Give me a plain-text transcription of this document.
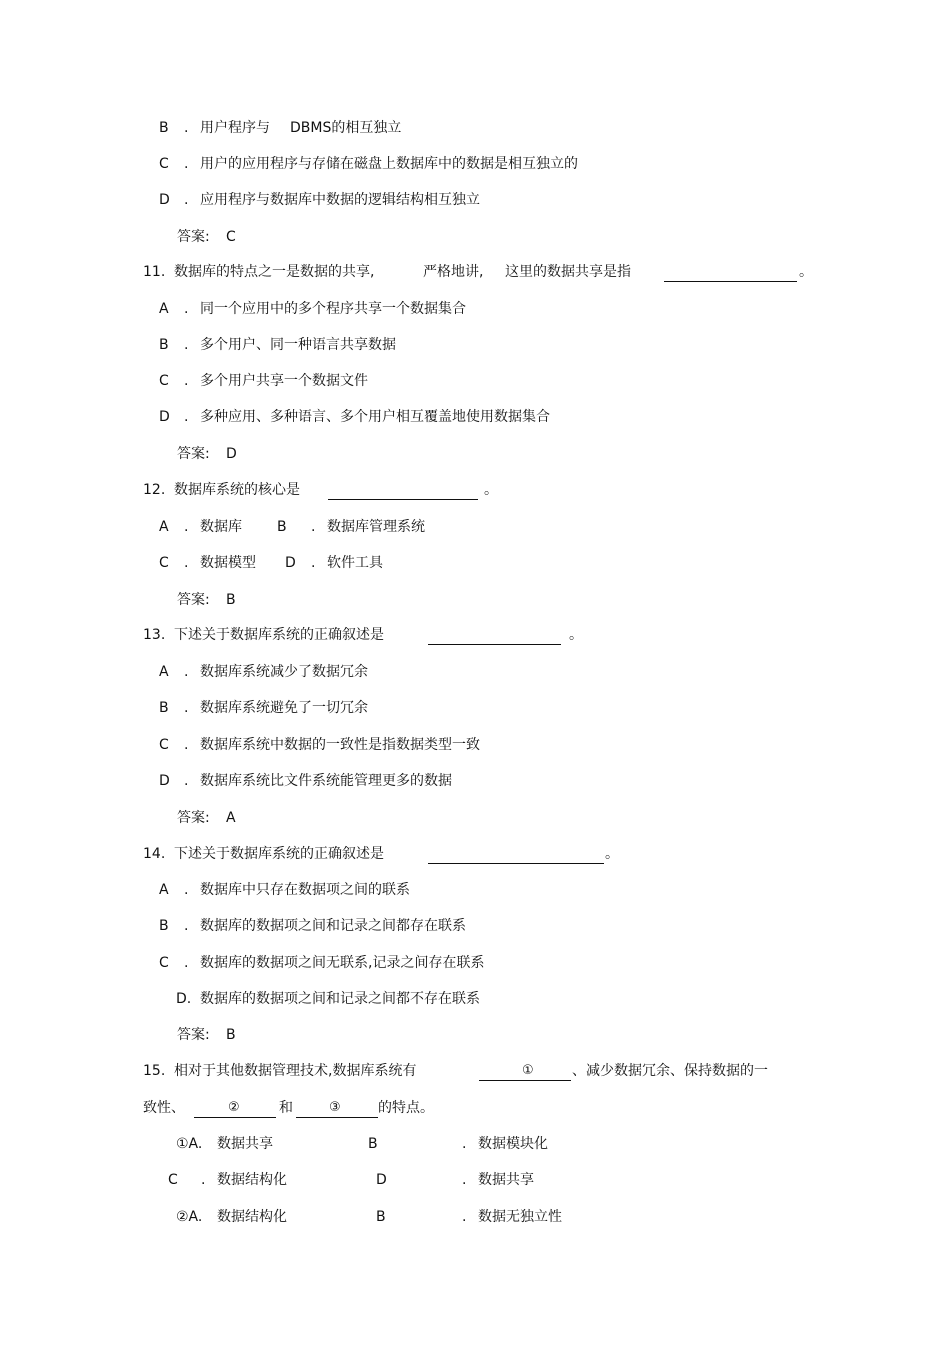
B . 用户程序与 DBMS的相互独立
C . 用户的应用程序与存储在磁盘上数据库中的数据是相互独立的
D . 应用程序与数据库中数据的逻辑结构相互独立
答案: C
11. 数据库的特点之一是数据的共享,	严格地讲, 这里的数据共享是指	。
A . 同一个应用中的多个程序共享一个数据集合
B . 多个用户、同一种语言共享数据
C . 多个用户共享一个数据文件
D . 多种应用、多种语言、多个用户相互覆盖地使用数据集合
答案: D
12. 数据库系统的核心是	。
A . 数据库	B . 数据库管理系统
C . 数据模型 D . 软件工具
答案: B
13. 下述关于数据库系统的正确叙述是	。
A . 数据库系统减少了数据冗余
B . 数据库系统避免了一切冗余
C . 数据库系统中数据的一致性是指数据类型一致
D . 数据库系统比文件系统能管理更多的数据
答案: A
14. 下述关于数据库系统的正确叙述是	。
A . 数据库中只存在数据项之间的联系
B . 数据库的数据项之间和记录之间都存在联系
C . 数据库的数据项之间无联系,记录之间存在联系
D. 数据库的数据项之间和记录之间都不存在联系
答案: B
15. 相对于其他数据管理技术,数据库系统有	①	、减少数据冗余、保持数据的一
致性、	②	和	③	的特点。
①A. 数据共享	B	. 数据模块化
C . 数据结构化	D	. 数据共享
②A. 数据结构化	B	. 数据无独立性
